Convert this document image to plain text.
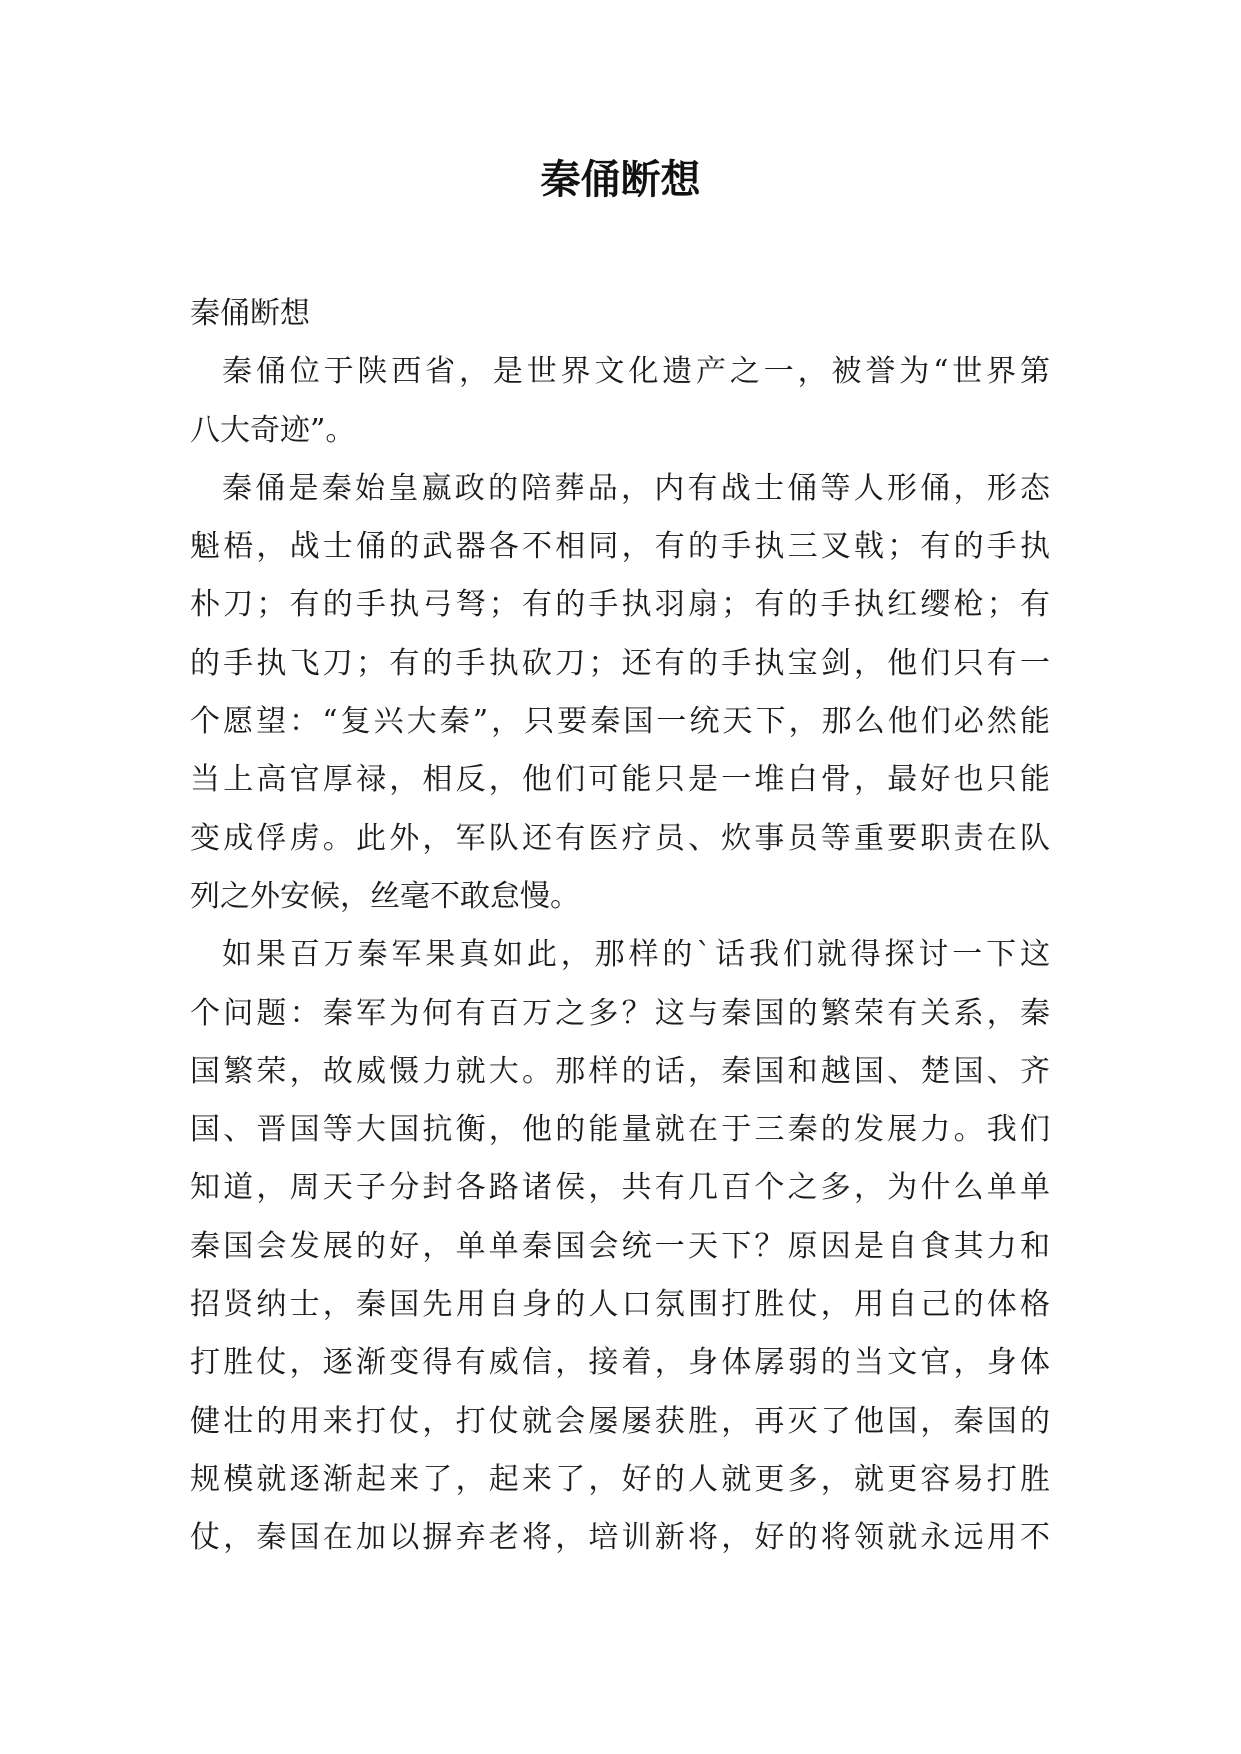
秦俑断想
秦俑断想
秦俑位于陕西省，是世界文化遗产之一，被誉为“世界第
八大奇迹”。
秦俑是秦始皇嬴政的陪葬品，内有战士俑等人形俑，形态
魁梧，战士俑的武器各不相同，有的手执三叉戟；有的手执
朴刀；有的手执弓弩；有的手执羽扇；有的手执红缨枪；有
的手执飞刀；有的手执砍刀；还有的手执宝剑，他们只有一
个愿望：“复兴大秦”，只要秦国一统天下，那么他们必然能
当上高官厚禄，相反，他们可能只是一堆白骨，最好也只能
变成俘虏。此外，军队还有医疗员、炊事员等重要职责在队
列之外安候，丝毫不敢怠慢。
如果百万秦军果真如此，那样的`话我们就得探讨一下这
个问题：秦军为何有百万之多？这与秦国的繁荣有关系，秦
国繁荣，故威慑力就大。那样的话，秦国和越国、楚国、齐
国、晋国等大国抗衡，他的能量就在于三秦的发展力。我们
知道，周天子分封各路诸侯，共有几百个之多，为什么单单
秦国会发展的好，单单秦国会统一天下？原因是自食其力和
招贤纳士，秦国先用自身的人口氛围打胜仗，用自己的体格
打胜仗，逐渐变得有威信，接着，身体孱弱的当文官，身体
健壮的用来打仗，打仗就会屡屡获胜，再灭了他国，秦国的
规模就逐渐起来了，起来了，好的人就更多，就更容易打胜
仗，秦国在加以摒弃老将，培训新将，好的将领就永远用不
